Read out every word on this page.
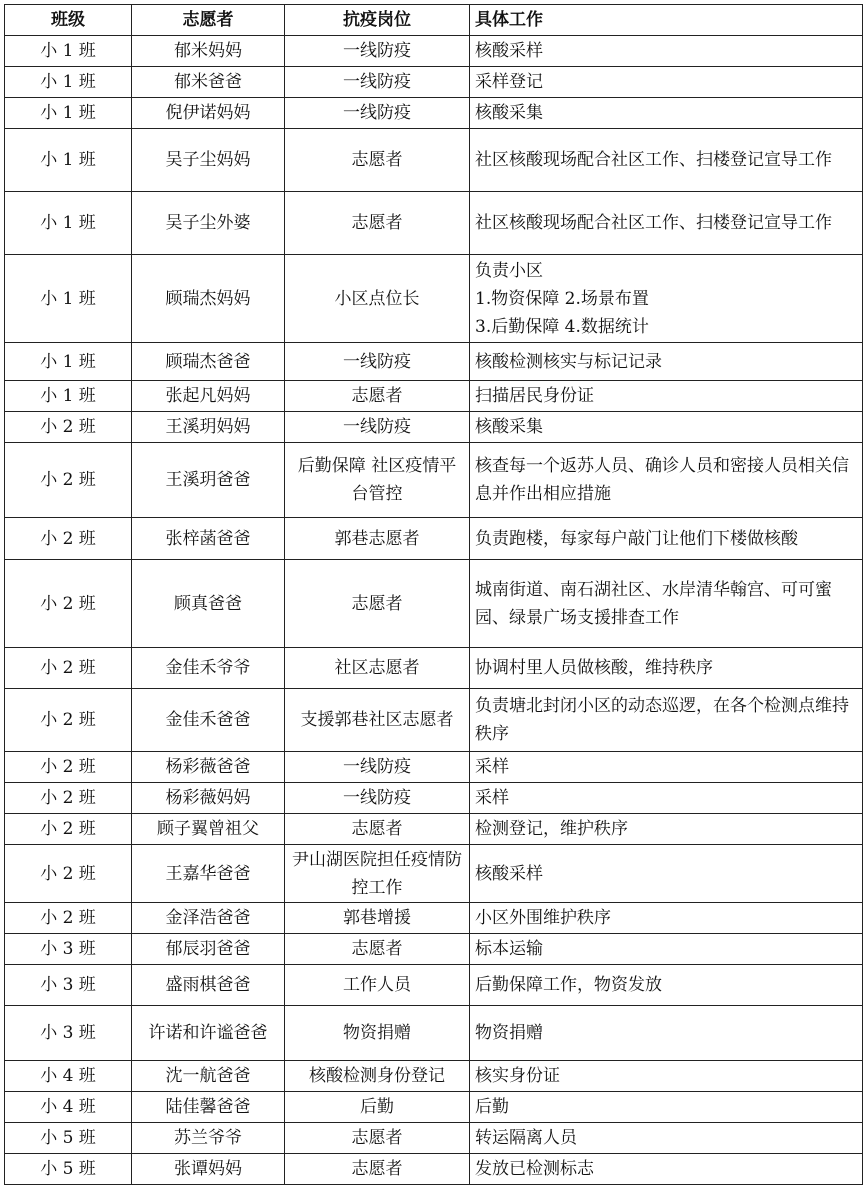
班级	志愿者	抗疫岗位	具体工作
小 1 班	郁米妈妈	一线防疫	核酸采样
小 1 班	郁米爸爸	一线防疫	采样登记
小 1 班	倪伊诺妈妈	一线防疫	核酸采集
小 1 班	吴子尘妈妈	志愿者	社区核酸现场配合社区工作、扫楼登记宣导工作
小 1 班	吴子尘外婆	志愿者	社区核酸现场配合社区工作、扫楼登记宣导工作
小 1 班	顾瑞杰妈妈	小区点位长	负责小区
1.物资保障 2.场景布置
3.后勤保障 4.数据统计
小 1 班	顾瑞杰爸爸	一线防疫	核酸检测核实与标记记录
小 1 班	张起凡妈妈	志愿者	扫描居民身份证
小 2 班	王溪玥妈妈	一线防疫	核酸采集
小 2 班	王溪玥爸爸	后勤保障 社区疫情平台管控	核查每一个返苏人员、确诊人员和密接人员相关信息并作出相应措施
小 2 班	张梓菡爸爸	郭巷志愿者	负责跑楼，每家每户敲门让他们下楼做核酸
小 2 班	顾真爸爸	志愿者	城南街道、南石湖社区、水岸清华翰宫、可可蜜园、绿景广场支援排查工作
小 2 班	金佳禾爷爷	社区志愿者	协调村里人员做核酸，维持秩序
小 2 班	金佳禾爸爸	支援郭巷社区志愿者	负责塘北封闭小区的动态巡逻，在各个检测点维持秩序
小 2 班	杨彩薇爸爸	一线防疫	采样
小 2 班	杨彩薇妈妈	一线防疫	采样
小 2 班	顾子翼曾祖父	志愿者	检测登记，维护秩序
小 2 班	王嘉华爸爸	尹山湖医院担任疫情防控工作	核酸采样
小 2 班	金泽浩爸爸	郭巷增援	小区外围维护秩序
小 3 班	郁辰羽爸爸	志愿者	标本运输
小 3 班	盛雨棋爸爸	工作人员	后勤保障工作，物资发放
小 3 班	许诺和许谧爸爸	物资捐赠	物资捐赠
小 4 班	沈一航爸爸	核酸检测身份登记	核实身份证
小 4 班	陆佳馨爸爸	后勤	后勤
小 5 班	苏兰爷爷	志愿者	转运隔离人员
小 5 班	张谭妈妈	志愿者	发放已检测标志
